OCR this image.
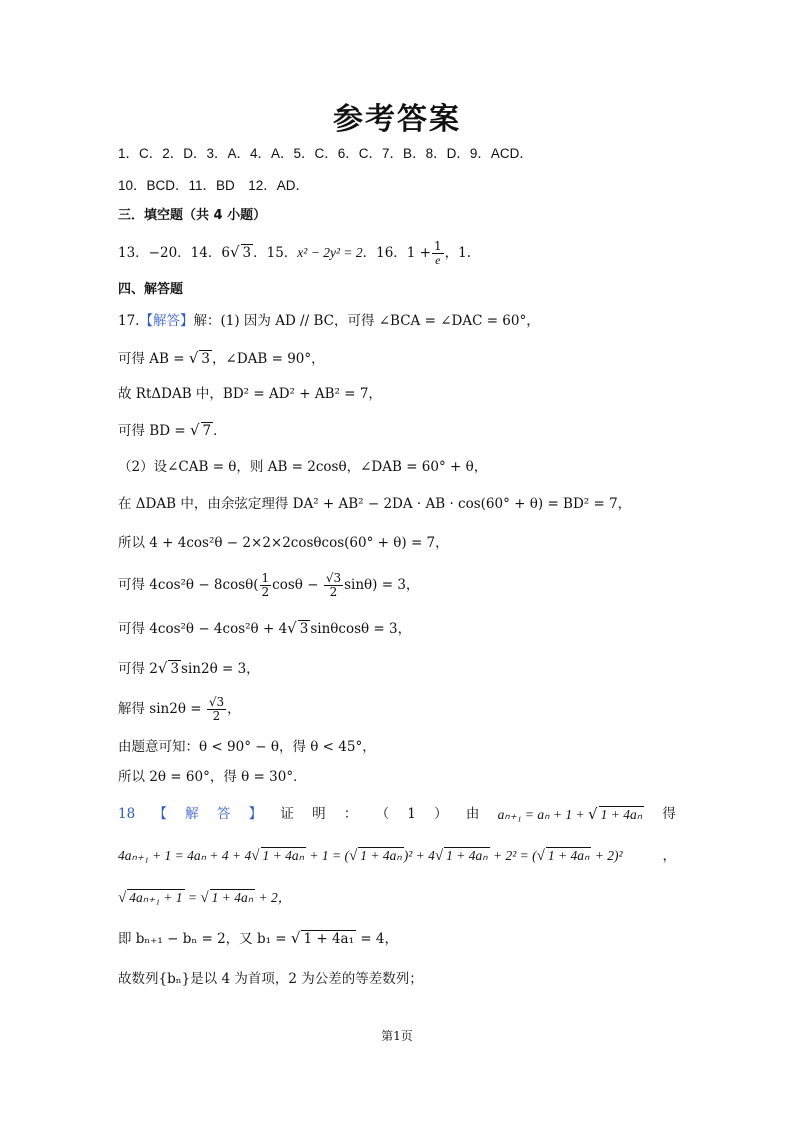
参考答案
1．C．2．D．3．A．4．A．5．C．6．C．7．B．8．D．9．ACD．
10．BCD．11．BD　12．AD．
三．填空题（共 4 小题）
13．−20．14．6√ 3 ．15．x² − 2y² = 2．16．$1 + \frac{1}{e}$ ，1.
四、解答题
17.【解答】解：(1) 因为 AD // BC，可得 ∠BCA = ∠DAC = 60°，
可得 AB = √ 3 ，∠DAB = 90°，
故 RtΔDAB 中，BD² = AD² + AB² = 7，
可得 BD = √ 7 ．
（2）设∠CAB = θ，则 AB = 2cosθ，∠DAB = 60° + θ，
在 ΔDAB 中，由余弦定理得 DA² + AB² − 2DA · AB · cos(60° + θ) = BD² = 7，
所以 4 + 4cos²θ − 2×2×2cosθcos(60° + θ) = 7，
可得 $4\cos^2\theta - 8\cos\theta( \frac{1}{2}$ $\cos\theta - \frac{√3}{2} \sin\theta) = 3$，
可得 4cos²θ − 4cos²θ + 4√ 3 sinθcosθ = 3，
可得 2√ 3 sin2θ = 3，
解得 $\sin 2\theta = \frac{√3}{2}$ ，
由题意可知：θ < 90° − θ，得 θ < 45°，
所以 2θ = 60°，得 θ = 30°．
18 【 解 答 】 证 明 ： （ 1 ） 由 aₙ₊₁ = aₙ + 1 + √ 1 + 4aₙ 得
4aₙ₊₁ + 1 = 4aₙ + 4 + 4√ 1 + 4aₙ + 1 = (√ 1 + 4aₙ )² + 4√ 1 + 4aₙ + 2² = (√ 1 + 4aₙ + 2)²	，
√ 4aₙ₊₁ + 1 = √ 1 + 4aₙ + 2，
即 bₙ₊₁ − bₙ = 2，又 b₁ = √ 1 + 4a₁ = 4，
故数列{bₙ}是以 4 为首项，2 为公差的等差数列；
第1页
